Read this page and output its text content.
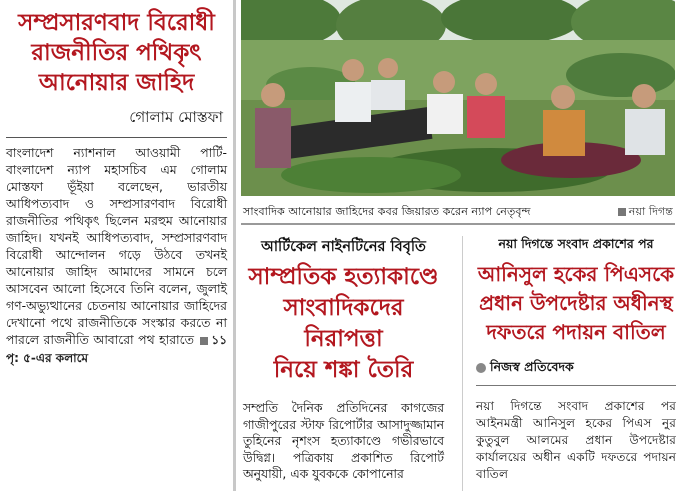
সম্প্রসারণবাদ বিরোধী
রাজনীতির পথিকৃৎ
আনোয়ার জাহিদ
গোলাম মোস্তফা
বাংলাদেশ ন্যাশনাল আওয়ামী পার্টি- বাংলাদেশ ন্যাপ মহাসচিব এম গোলাম মোস্তফা ভূঁইয়া বলেছেন, ভারতীয় আধিপত্যবাদ ও সম্প্রসারণবাদ বিরোধী রাজনীতির পথিকৃৎ ছিলেন মরহুম আনোয়ার জাহিদ। যখনই আধিপত্যবাদ, সম্প্রসারণবাদ বিরোধী আন্দোলন গড়ে উঠবে তখনই আনোয়ার জাহিদ আমাদের সামনে চলে আসবেন আলো হিসেবে তিনি বলেন, জুলাই গণ-অভ্যুত্থানের চেতনায় আনোয়ার জাহিদের দেখানো পথে রাজনীতিকে সংস্কার করতে না পারলে রাজনীতি আবারো পথ হারাতে ১১ পৃ: ৫-এর কলামে
সাংবাদিক আনোয়ার জাহিদের কবর জিয়ারত করেন ন্যাপ নেতৃবৃন্দ	নয়া দিগন্ত
আর্টিকেল নাইনটিনের বিবৃতি
সাম্প্রতিক হত্যাকাণ্ডে
সাংবাদিকদের নিরাপত্তা
নিয়ে শঙ্কা তৈরি
সম্প্রতি দৈনিক প্রতিদিনের কাগজের গাজীপুরের স্টাফ রিপোর্টার আসাদুজ্জামান তুহিনের নৃশংস হত্যাকাণ্ডে গভীরভাবে উদ্বিগ্ন। পত্রিকায় প্রকাশিত রিপোর্ট অনুযায়ী, এক যুবককে কোপানোর
নয়া দিগন্তে সংবাদ প্রকাশের পর
আনিসুল হকের পিএসকে
প্রধান উপদেষ্টার অধীনস্থ
দফতরে পদায়ন বাতিল
নিজস্ব প্রতিবেদক
নয়া দিগন্তে সংবাদ প্রকাশের পর আইনমন্ত্রী আনিসুল হকের পিএস নুর কুতুবুল আলমের প্রধান উপদেষ্টার কার্যালয়ের অধীন একটি দফতরে পদায়ন বাতিল
